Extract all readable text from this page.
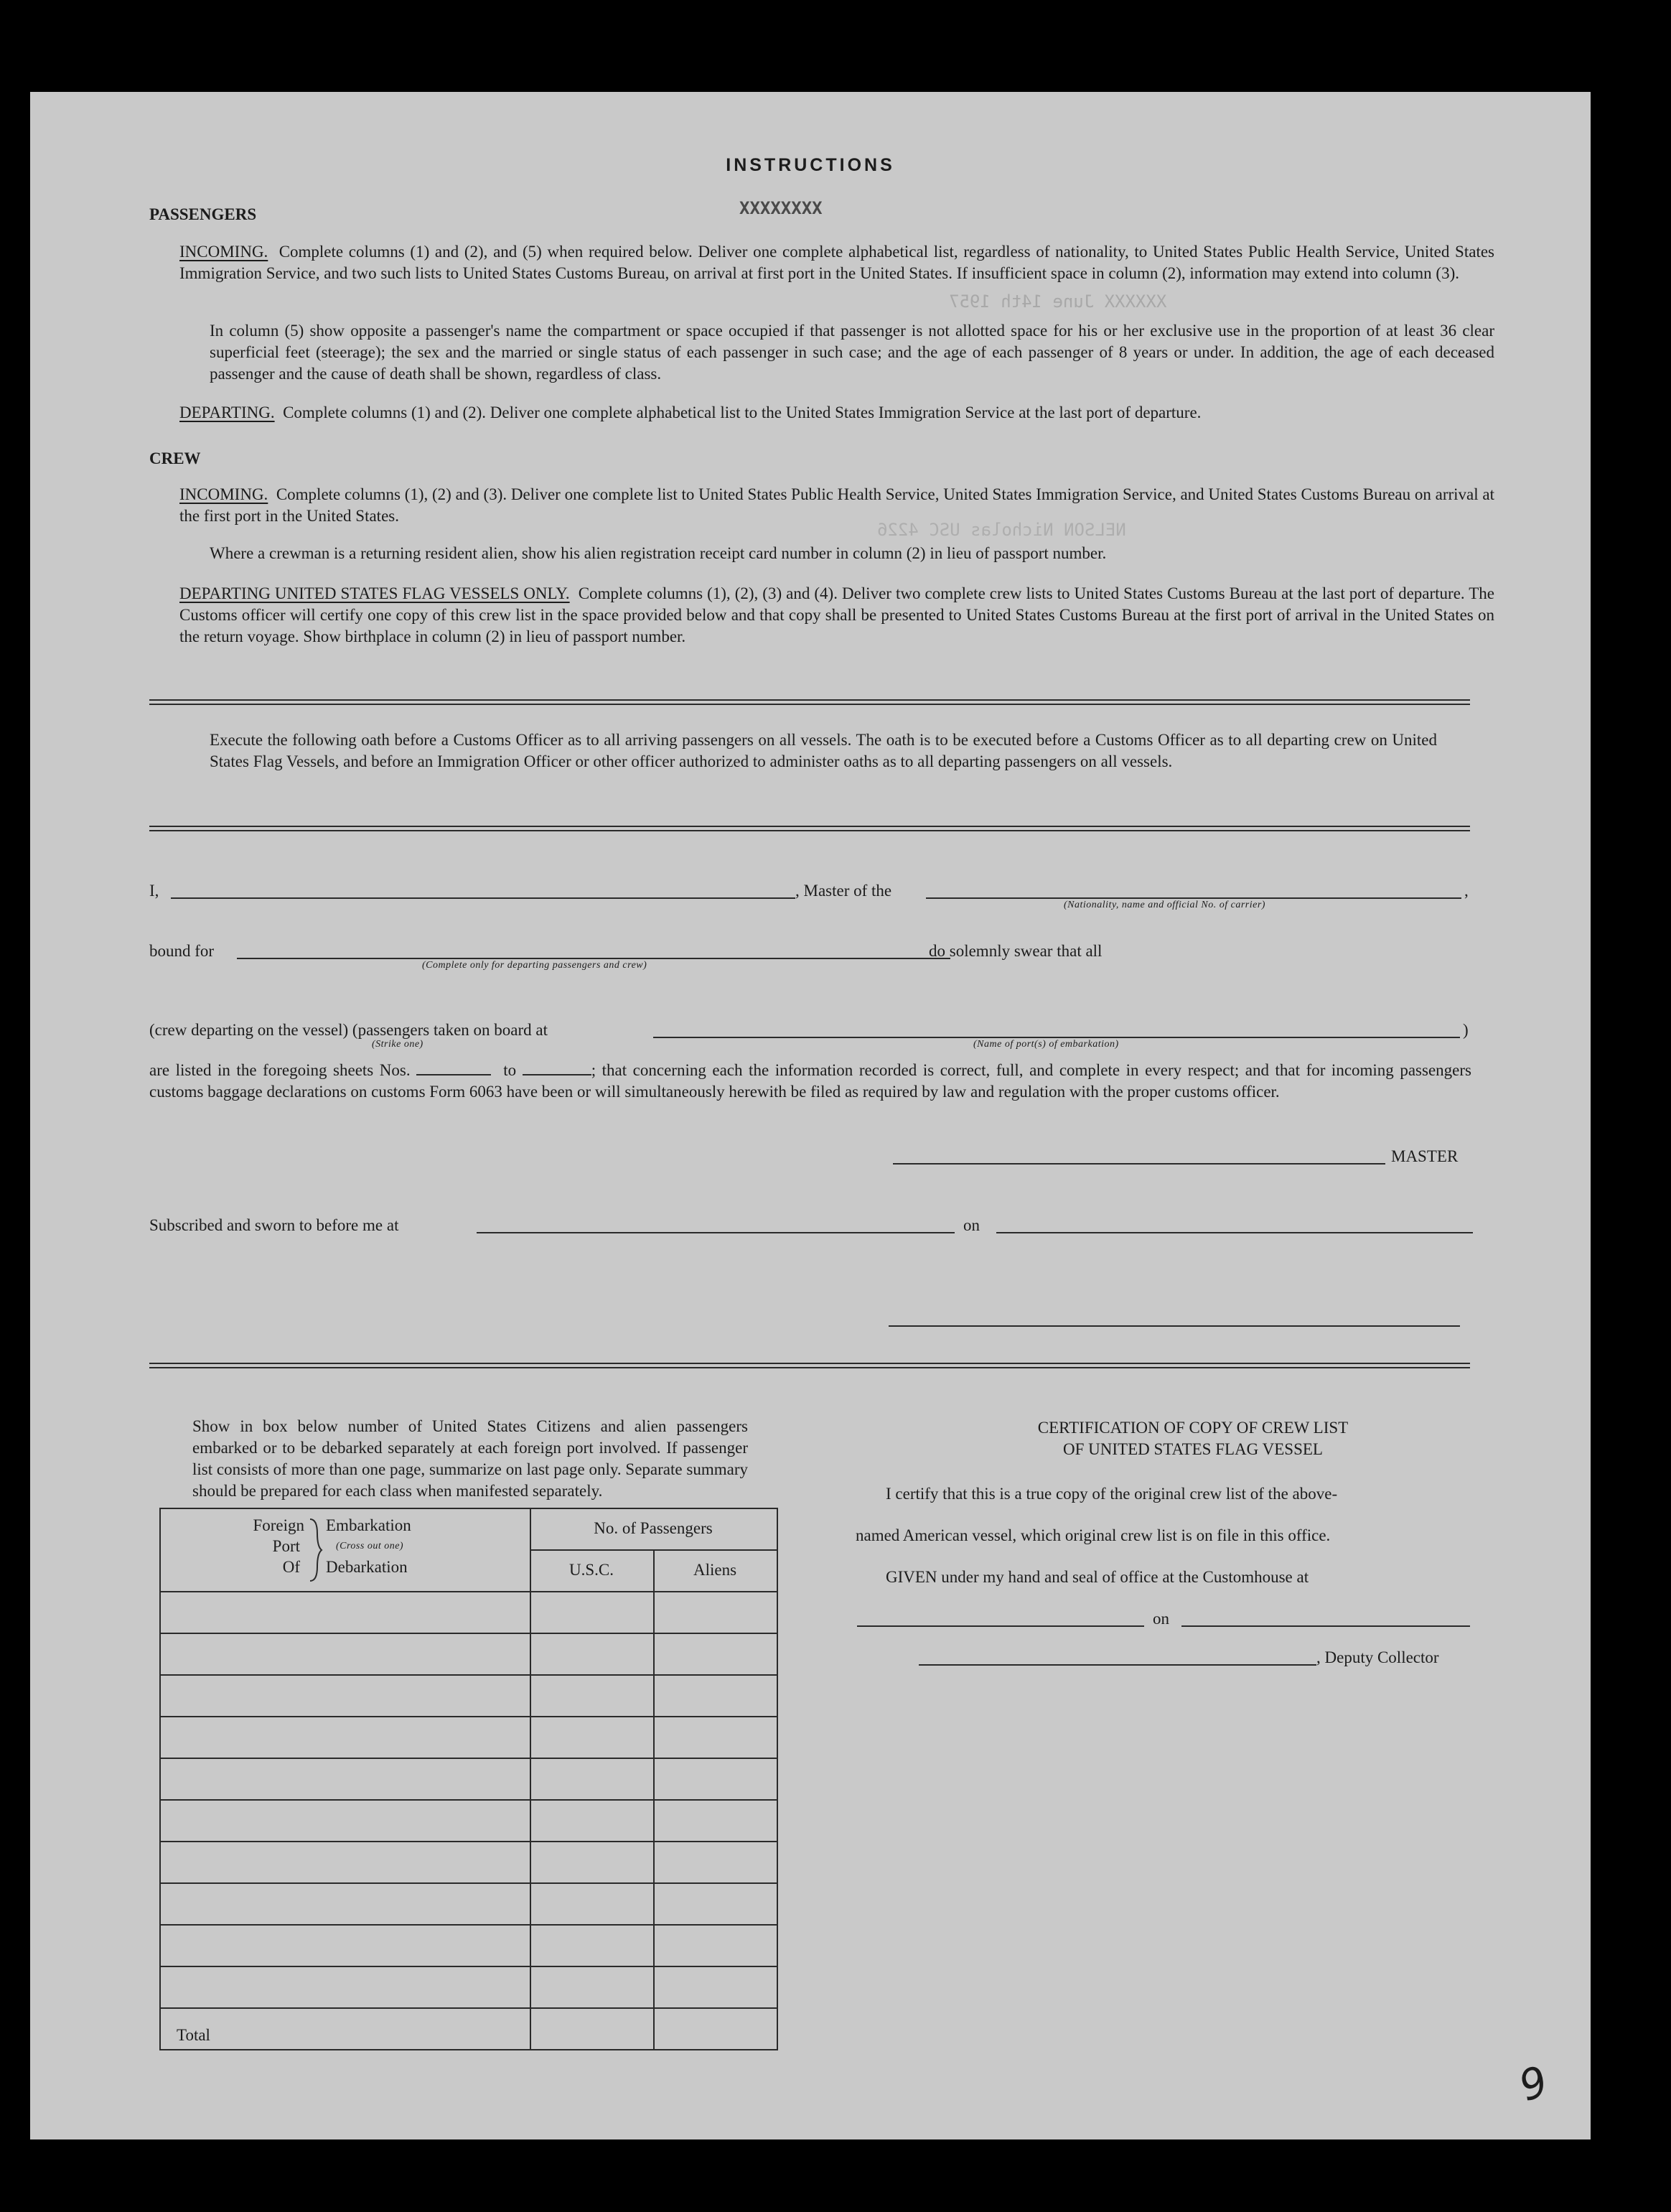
XXXXXXXX
XXXXXX June 14th 1957
NELSON Nicholas USC 4226
INSTRUCTIONS
PASSENGERS
INCOMING. Complete columns (1) and (2), and (5) when required below. Deliver one complete alphabetical list, regardless of nationality, to United States Public Health Service, United States Immigration Service, and two such lists to United States Customs Bureau, on arrival at first port in the United States. If insufficient space in column (2), information may extend into column (3).
In column (5) show opposite a passenger's name the compartment or space occupied if that passenger is not allotted space for his or her exclusive use in the proportion of at least 36 clear superficial feet (steerage); the sex and the married or single status of each passenger in such case; and the age of each passenger of 8 years or under. In addition, the age of each deceased passenger and the cause of death shall be shown, regardless of class.
DEPARTING. Complete columns (1) and (2). Deliver one complete alphabetical list to the United States Immigration Service at the last port of departure.
CREW
INCOMING. Complete columns (1), (2) and (3). Deliver one complete list to United States Public Health Service, United States Immigration Service, and United States Customs Bureau on arrival at the first port in the United States.
Where a crewman is a returning resident alien, show his alien registration receipt card number in column (2) in lieu of passport number.
DEPARTING UNITED STATES FLAG VESSELS ONLY. Complete columns (1), (2), (3) and (4). Deliver two complete crew lists to United States Customs Bureau at the last port of departure. The Customs officer will certify one copy of this crew list in the space provided below and that copy shall be presented to United States Customs Bureau at the first port of arrival in the United States on the return voyage. Show birthplace in column (2) in lieu of passport number.
Execute the following oath before a Customs Officer as to all arriving passengers on all vessels. The oath is to be executed before a Customs Officer as to all departing crew on United States Flag Vessels, and before an Immigration Officer or other officer authorized to administer oaths as to all departing passengers on all vessels.
I,	, Master of the	,
(Nationality, name and official No. of carrier)
bound for	do solemnly swear that all
(Complete only for departing passengers and crew)
(crew departing on the vessel) (passengers taken on board at	)
(Strike one)	(Name of port(s) of embarkation)
are listed in the foregoing sheets Nos.	to	; that concerning each the information recorded is correct, full, and complete in every respect; and that for incoming passengers customs baggage declarations on customs Form 6063 have been or will simultaneously herewith be filed as required by law and regulation with the proper customs officer.
MASTER
Subscribed and sworn to before me at	on
Show in box below number of United States Citizens and alien passengers embarked or to be debarked separately at each foreign port involved. If passenger list consists of more than one page, summarize on last page only. Separate summary should be prepared for each class when manifested separately.
Foreign
Port
Of
Embarkation
(Cross out one)
Debarkation
No. of Passengers
U.S.C.	Aliens
Total
CERTIFICATION OF COPY OF CREW LIST
OF UNITED STATES FLAG VESSEL
I certify that this is a true copy of the original crew list of the above-
named American vessel, which original crew list is on file in this office.
GIVEN under my hand and seal of office at the Customhouse at
on
, Deputy Collector
9
